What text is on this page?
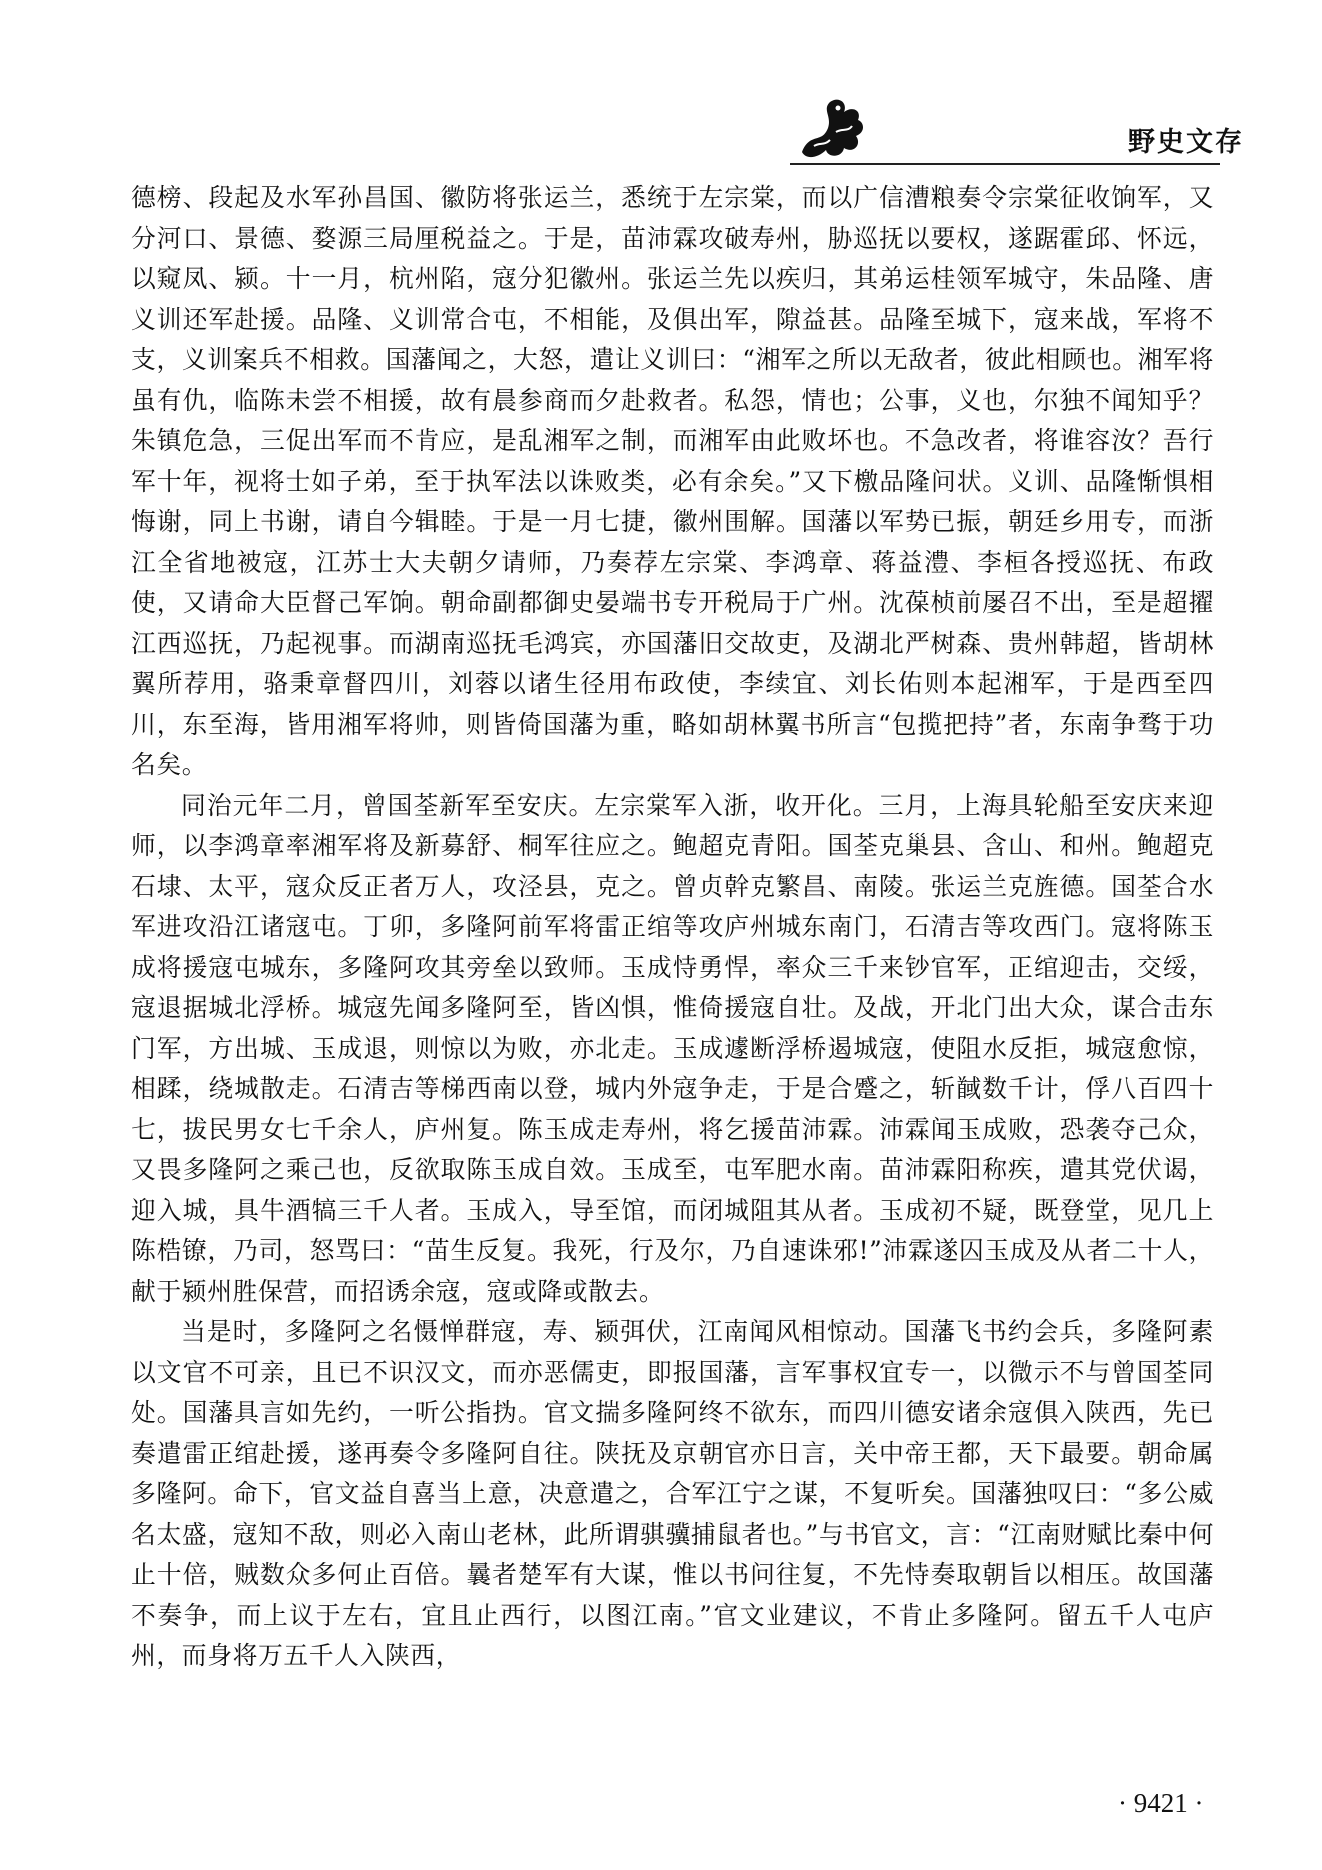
野史文存

德榜、段起及水军孙昌国、徽防将张运兰，悉统于左宗棠，而以广信漕粮奏令宗棠征收饷军，又分河口、景德、婺源三局厘税益之。于是，苗沛霖攻破寿州，胁巡抚以要权，遂踞霍邱、怀远，以窥凤、颍。十一月，杭州陷，寇分犯徽州。张运兰先以疾归，其弟运桂领军城守，朱品隆、唐义训还军赴援。品隆、义训常合屯，不相能，及俱出军，隙益甚。品隆至城下，寇来战，军将不支，义训案兵不相救。国藩闻之，大怒，遣让义训曰：“湘军之所以无敌者，彼此相顾也。湘军将虽有仇，临陈未尝不相援，故有晨参商而夕赴救者。私怨，情也；公事，义也，尔独不闻知乎？朱镇危急，三促出军而不肯应，是乱湘军之制，而湘军由此败坏也。不急改者，将谁容汝？吾行军十年，视将士如子弟，至于执军法以诛败类，必有余矣。”又下檄品隆问状。义训、品隆惭惧相悔谢，同上书谢，请自今辑睦。于是一月七捷，徽州围解。国藩以军势已振，朝廷乡用专，而浙江全省地被寇，江苏士大夫朝夕请师，乃奏荐左宗棠、李鸿章、蒋益澧、李桓各授巡抚、布政使，又请命大臣督己军饷。朝命副都御史晏端书专开税局于广州。沈葆桢前屡召不出，至是超擢江西巡抚，乃起视事。而湖南巡抚毛鸿宾，亦国藩旧交故吏，及湖北严树森、贵州韩超，皆胡林翼所荐用，骆秉章督四川，刘蓉以诸生径用布政使，李续宜、刘长佑则本起湘军，于是西至四川，东至海，皆用湘军将帅，则皆倚国藩为重，略如胡林翼书所言“包揽把持”者，东南争骛于功名矣。

同治元年二月，曾国荃新军至安庆。左宗棠军入浙，收开化。三月，上海具轮船至安庆来迎师，以李鸿章率湘军将及新募舒、桐军往应之。鲍超克青阳。国荃克巢县、含山、和州。鲍超克石埭、太平，寇众反正者万人，攻泾县，克之。曾贞幹克繁昌、南陵。张运兰克旌德。国荃合水军进攻沿江诸寇屯。丁卯，多隆阿前军将雷正绾等攻庐州城东南门，石清吉等攻西门。寇将陈玉成将援寇屯城东，多隆阿攻其旁垒以致师。玉成恃勇悍，率众三千来钞官军，正绾迎击，交绥，寇退据城北浮桥。城寇先闻多隆阿至，皆凶惧，惟倚援寇自壮。及战，开北门出大众，谋合击东门军，方出城、玉成退，则惊以为败，亦北走。玉成遽断浮桥遏城寇，使阻水反拒，城寇愈惊，相蹂，绕城散走。石清吉等梯西南以登，城内外寇争走，于是合蹙之，斩馘数千计，俘八百四十七，拔民男女七千余人，庐州复。陈玉成走寿州，将乞援苗沛霖。沛霖闻玉成败，恐袭夺己众，又畏多隆阿之乘己也，反欲取陈玉成自效。玉成至，屯军肥水南。苗沛霖阳称疾，遣其党伏谒，迎入城，具牛酒犒三千人者。玉成入，导至馆，而闭城阻其从者。玉成初不疑，既登堂，见几上陈梏镣，乃司，怒骂曰：“苗生反复。我死，行及尔，乃自速诛邪!”沛霖遂囚玉成及从者二十人，献于颍州胜保营，而招诱余寇，寇或降或散去。

当是时，多隆阿之名慑惮群寇，寿、颍弭伏，江南闻风相惊动。国藩飞书约会兵，多隆阿素以文官不可亲，且已不识汉文，而亦恶儒吏，即报国藩，言军事权宜专一，以微示不与曾国荃同处。国藩具言如先约，一听公指㧑。官文揣多隆阿终不欲东，而四川德安诸余寇俱入陕西，先已奏遣雷正绾赴援，遂再奏令多隆阿自往。陕抚及京朝官亦日言，关中帝王都，天下最要。朝命属多隆阿。命下，官文益自喜当上意，决意遣之，合军江宁之谋，不复听矣。国藩独叹曰：“多公威名太盛，寇知不敌，则必入南山老林，此所谓骐骥捕鼠者也。”与书官文，言：“江南财赋比秦中何止十倍，贼数众多何止百倍。曩者楚军有大谋，惟以书问往复，不先恃奏取朝旨以相压。故国藩不奏争，而上议于左右，宜且止西行，以图江南。”官文业建议，不肯止多隆阿。留五千人屯庐州，而身将万五千人入陕西，

· 9421 ·
